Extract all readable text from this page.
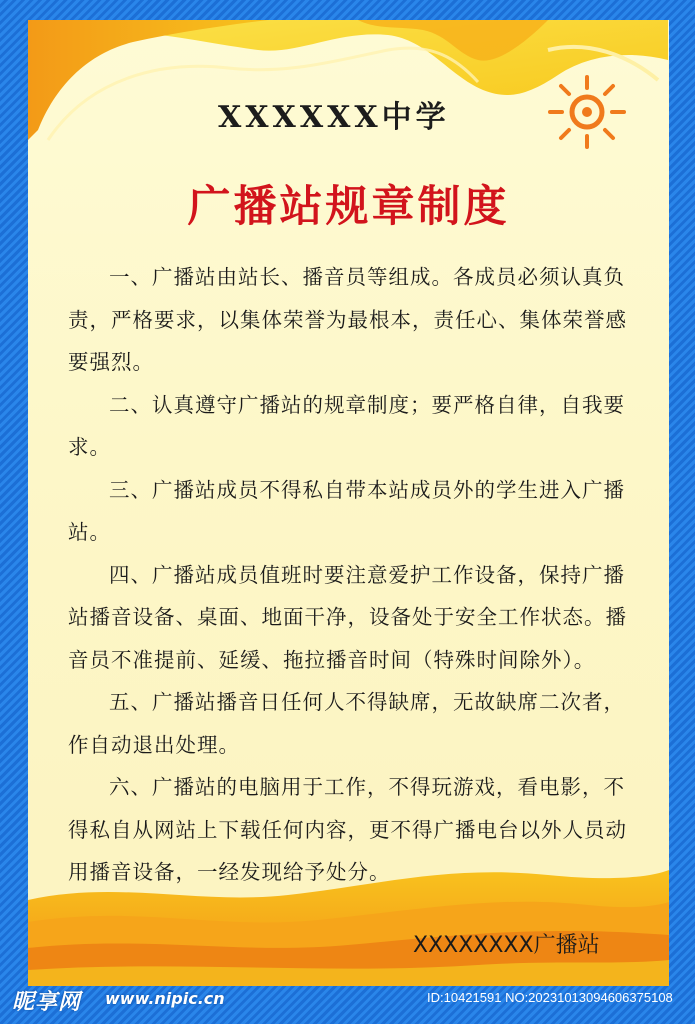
XXXXXX中学
广播站规章制度

一、广播站由站长、播音员等组成。各成员必须认真负责，严格要求，以集体荣誉为最根本，责任心、集体荣誉感要强烈。

二、认真遵守广播站的规章制度；要严格自律，自我要求。

三、广播站成员不得私自带本站成员外的学生进入广播站。

四、广播站成员值班时要注意爱护工作设备，保持广播站播音设备、桌面、地面干净，设备处于安全工作状态。播音员不准提前、延缓、拖拉播音时间（特殊时间除外）。

五、广播站播音日任何人不得缺席，无故缺席二次者，作自动退出处理。

六、广播站的电脑用于工作，不得玩游戏，看电影，不得私自从网站上下载任何内容，更不得广播电台以外人员动用播音设备，一经发现给予处分。

XXXXXXXX广播站
昵享网 www.nipic.cn	ID:10421591 NO:20231013094606375108
